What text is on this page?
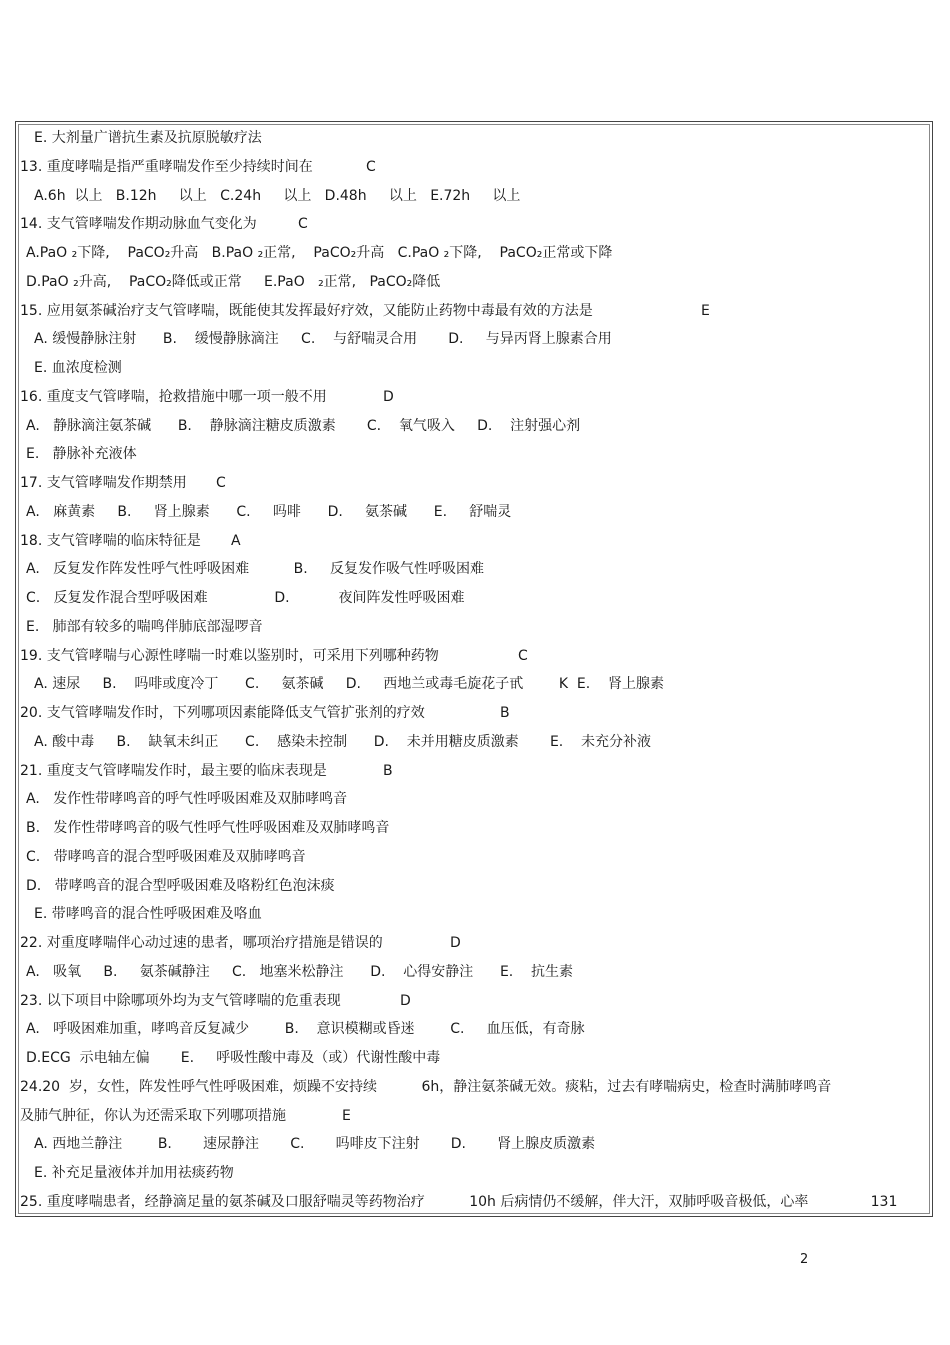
E. 大剂量广谱抗生素及抗原脱敏疗法
13. 重度哮喘是指严重哮喘发作至少持续时间在	C
A.6h  以上   B.12h     以上   C.24h     以上   D.48h     以上   E.72h     以上
14. 支气管哮喘发作期动脉血气变化为	C
A.PaO ₂下降,    PaCO₂升高   B.PaO ₂正常,    PaCO₂升高   C.PaO ₂下降,    PaCO₂正常或下降
D.PaO ₂升高,    PaCO₂降低或正常     E.PaO   ₂正常,   PaCO₂降低
15. 应用氨茶碱治疗支气管哮喘，既能使其发挥最好疗效，又能防止药物中毒最有效的方法是	E
A. 缓慢静脉注射      B.    缓慢静脉滴注     C.    与舒喘灵合用       D.     与异丙肾上腺素合用
E. 血浓度检测
16. 重度支气管哮喘，抢救措施中哪一项一般不用	D
A.   静脉滴注氨茶碱      B.    静脉滴注糖皮质激素       C.    氧气吸入     D.    注射强心剂
E.   静脉补充液体
17. 支气管哮喘发作期禁用 C
A.   麻黄素     B.     肾上腺素      C.     吗啡      D.     氨茶碱      E.     舒喘灵
18. 支气管哮喘的临床特征是 A
A.   反复发作阵发性呼气性呼吸困难          B.     反复发作吸气性呼吸困难
C.   反复发作混合型呼吸困难               D.           夜间阵发性呼吸困难
E.   肺部有较多的喘鸣伴肺底部湿啰音
19. 支气管哮喘与心源性哮喘一时难以鉴别时，可采用下列哪种药物	C
A. 速尿     B.    吗啡或度冷丁      C.     氨茶碱     D.     西地兰或毒毛旋花子甙        K  E.    肾上腺素
20. 支气管哮喘发作时，下列哪项因素能降低支气管扩张剂的疗效	B
A. 酸中毒     B.    缺氧未纠正      C.    感染未控制      D.    未并用糖皮质激素       E.    未充分补液
21. 重度支气管哮喘发作时，最主要的临床表现是	B
A.   发作性带哮鸣音的呼气性呼吸困难及双肺哮鸣音
B.   发作性带哮鸣音的吸气性呼气性呼吸困难及双肺哮鸣音
C.   带哮鸣音的混合型呼吸困难及双肺哮鸣音
D.   带哮鸣音的混合型呼吸困难及咯粉红色泡沫痰
E. 带哮鸣音的混合性呼吸困难及咯血
22. 对重度哮喘伴心动过速的患者，哪项治疗措施是错误的	D
A.   吸氧     B.     氨茶碱静注     C.   地塞米松静注      D.    心得安静注      E.    抗生素
23. 以下项目中除哪项外均为支气管哮喘的危重表现	D
A.   呼吸困难加重，哮鸣音反复减少        B.    意识模糊或昏迷        C.     血压低，有奇脉
D.ECG  示电轴左偏       E.     呼吸性酸中毒及（或）代谢性酸中毒
24.20  岁，女性，阵发性呼气性呼吸困难，烦躁不安持续          6h，静注氨茶碱无效。痰粘，过去有哮喘病史，检查时满肺哮鸣音
及肺气肿征，你认为还需采取下列哪项措施	E
A. 西地兰静注        B.       速尿静注       C.       吗啡皮下注射       D.       肾上腺皮质激素
E. 补充足量液体并加用祛痰药物
25. 重度哮喘患者，经静滴足量的氨茶碱及口服舒喘灵等药物治疗          10h 后病情仍不缓解，伴大汗，双肺呼吸音极低，心率              131
2
